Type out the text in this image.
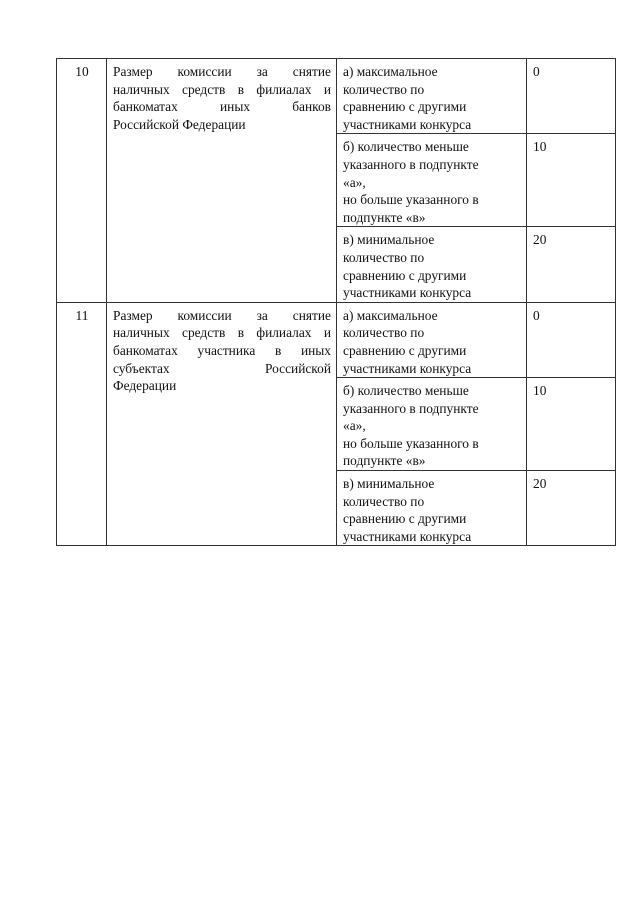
10	Размер комиссии за снятие
наличных средств в филиалах и
банкоматах иных банков
Российской Федерации	а) максимальное
количество по
сравнению с другими
участниками конкурса	0

		б) количество меньше
указанного в подпункте
«а»,
но больше указанного в
подпункте «в»	10

		в) минимальное
количество по
сравнению с другими
участниками конкурса	20
11	Размер комиссии за снятие
наличных средств в филиалах и
банкоматах участника в иных
субъектах Российской
Федерации	а) максимальное
количество по
сравнению с другими
участниками конкурса	0

		б) количество меньше
указанного в подпункте
«а»,
но больше указанного в
подпункте «в»	10

		в) минимальное
количество по
сравнению с другими
участниками конкурса	20
